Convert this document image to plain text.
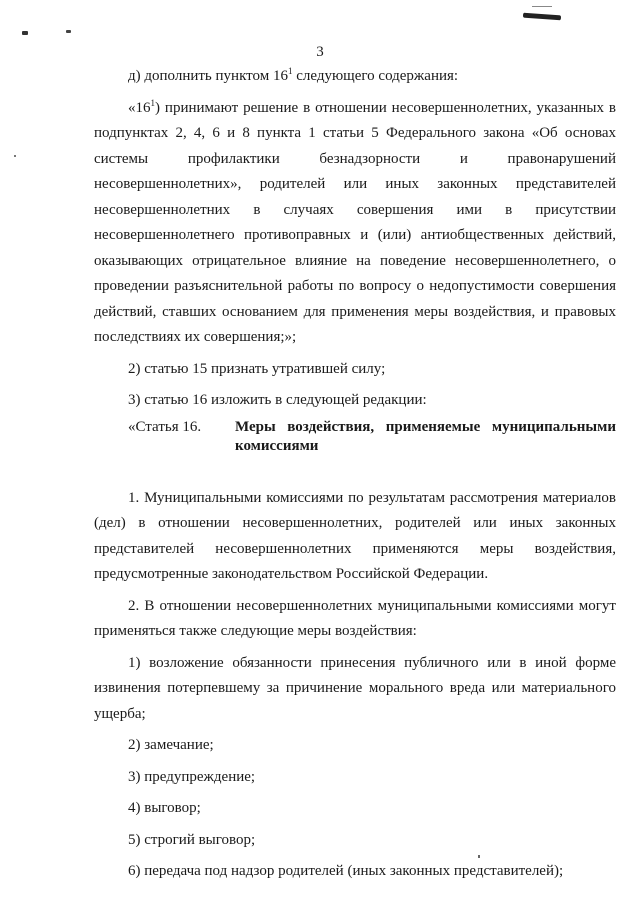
3

д) дополнить пунктом $16^1$ следующего содержания:

«$16^1$) принимают решение в отношении несовершеннолетних, указанных в подпунктах 2, 4, 6 и 8 пункта 1 статьи 5 Федерального закона «Об основах системы профилактики безнадзорности и правонарушений несовершеннолетних», родителей или иных законных представителей несовершеннолетних в случаях совершения ими в присутствии несовершеннолетнего противоправных и (или) антиобщественных действий, оказывающих отрицательное влияние на поведение несовершеннолетнего, о проведении разъяснительной работы по вопросу о недопустимости совершения действий, ставших основанием для применения меры воздействия, и правовых последствиях их совершения;»;

2) статью 15 признать утратившей силу;

3) статью 16 изложить в следующей редакции:

«Статья 16.	Меры воздействия, применяемые муниципальными комиссиями

1. Муниципальными комиссиями по результатам рассмотрения материалов (дел) в отношении несовершеннолетних, родителей или иных законных представителей несовершеннолетних применяются меры воздействия, предусмотренные законодательством Российской Федерации.

2. В отношении несовершеннолетних муниципальными комиссиями могут применяться также следующие меры воздействия:

1) возложение обязанности принесения публичного или в иной форме извинения потерпевшему за причинение морального вреда или материального ущерба;

2) замечание;

3) предупреждение;

4) выговор;

5) строгий выговор;

6) передача под надзор родителей (иных законных представителей);
